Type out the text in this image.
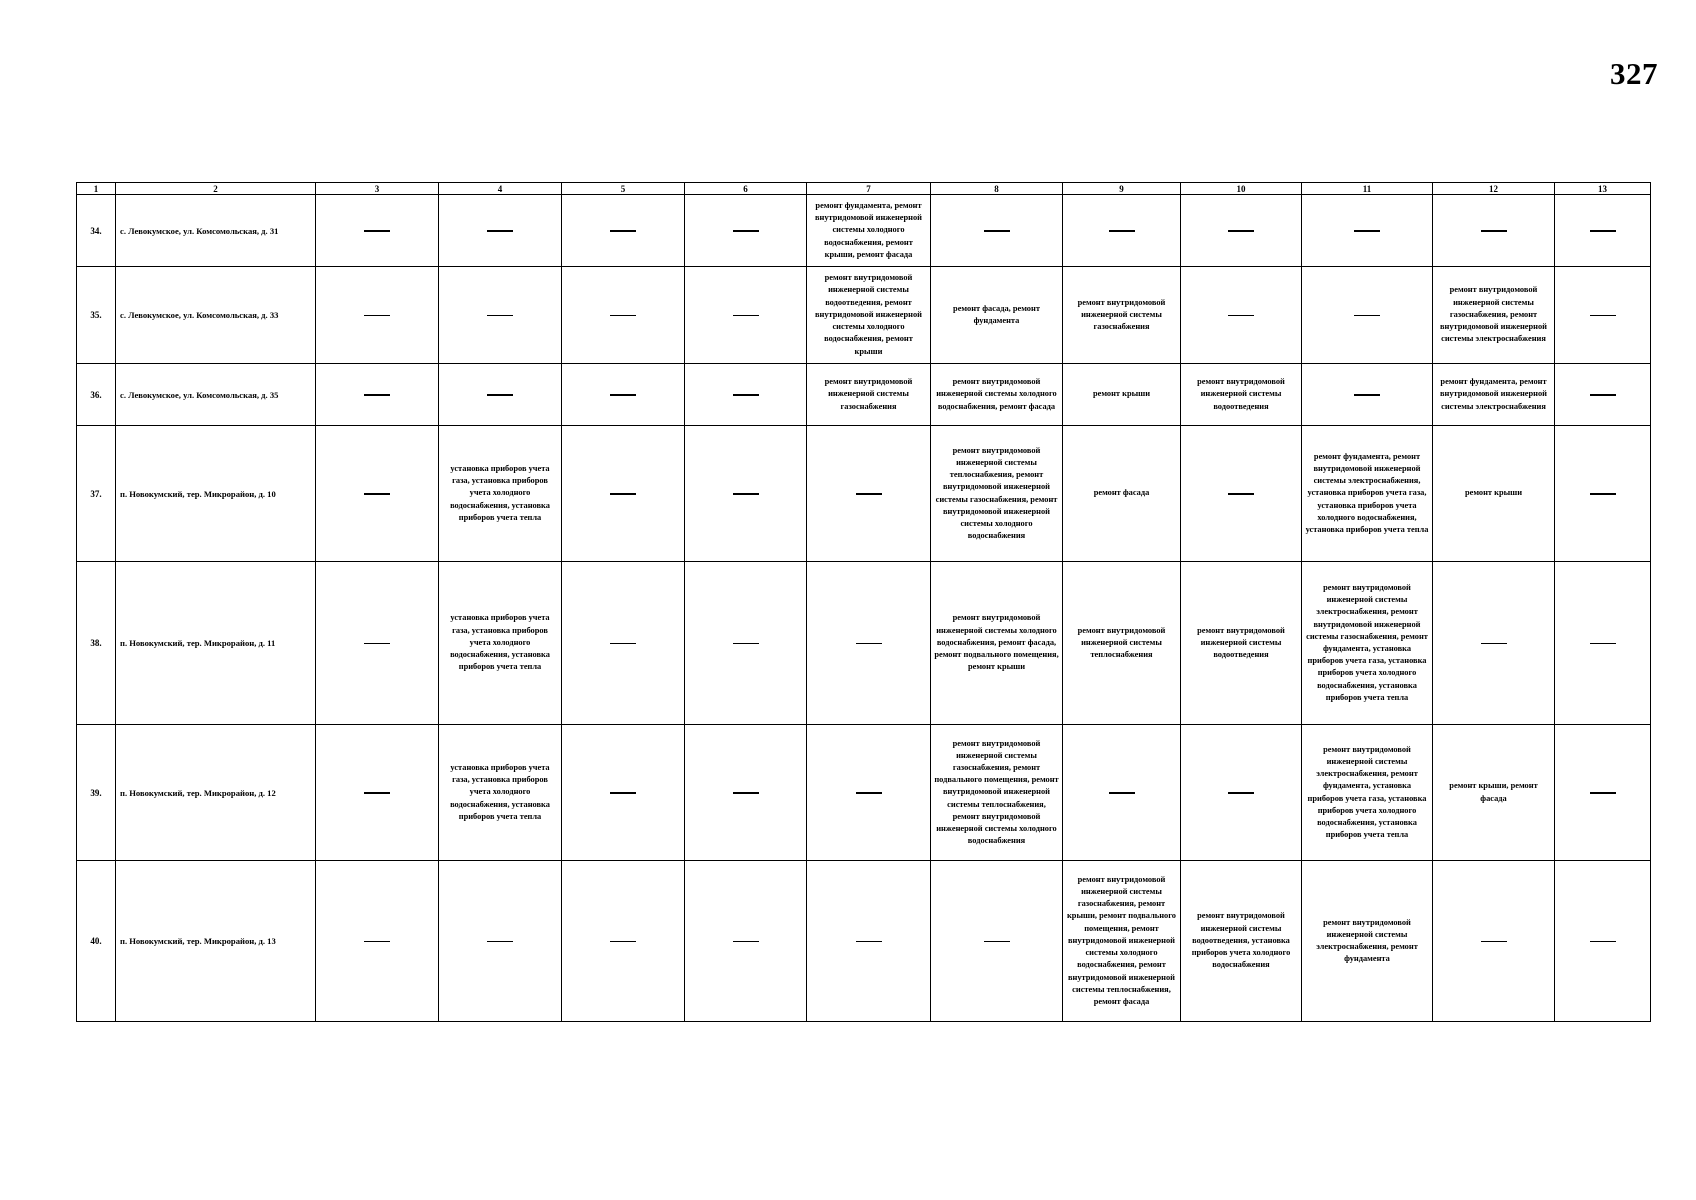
327
1	2	3	4	5	6	7	8	9	10	11	12	13
34.	с. Левокумское, ул. Комсомольская, д. 31					ремонт фундамента, ремонт внутридомовой инженерной системы холодного водоснабжения, ремонт крыши, ремонт фасада						
35.	с. Левокумское, ул. Комсомольская, д. 33					ремонт внутридомовой инженерной системы водоотведения, ремонт внутридомовой инженерной системы холодного водоснабжения, ремонт крыши	ремонт фасада, ремонт фундамента	ремонт внутридомовой инженерной системы газоснабжения			ремонт внутридомовой инженерной системы газоснабжения, ремонт внутридомовой инженерной системы электроснабжения	
36.	с. Левокумское, ул. Комсомольская, д. 35					ремонт внутридомовой инженерной системы газоснабжения	ремонт внутридомовой инженерной системы холодного водоснабжения, ремонт фасада	ремонт крыши	ремонт внутридомовой инженерной системы водоотведения		ремонт фундамента, ремонт внутридомовой инженерной системы электроснабжения	
37.	п. Новокумский, тер. Микрорайон, д. 10		установка приборов учета газа, установка приборов учета холодного водоснабжения, установка приборов учета тепла				ремонт внутридомовой инженерной системы теплоснабжения, ремонт внутридомовой инженерной системы газоснабжения, ремонт внутридомовой инженерной системы холодного водоснабжения	ремонт фасада		ремонт фундамента, ремонт внутридомовой инженерной системы электроснабжения, установка приборов учета газа, установка приборов учета холодного водоснабжения, установка приборов учета тепла	ремонт крыши	
38.	п. Новокумский, тер. Микрорайон, д. 11		установка приборов учета газа, установка приборов учета холодного водоснабжения, установка приборов учета тепла				ремонт внутридомовой инженерной системы холодного водоснабжения, ремонт фасада, ремонт подвального помещения, ремонт крыши	ремонт внутридомовой инженерной системы теплоснабжения	ремонт внутридомовой инженерной системы водоотведения	ремонт внутридомовой инженерной системы электроснабжения, ремонт внутридомовой инженерной системы газоснабжения, ремонт фундамента, установка приборов учета газа, установка приборов учета холодного водоснабжения, установка приборов учета тепла		
39.	п. Новокумский, тер. Микрорайон, д. 12		установка приборов учета газа, установка приборов учета холодного водоснабжения, установка приборов учета тепла				ремонт внутридомовой инженерной системы газоснабжения, ремонт подвального помещения, ремонт внутридомовой инженерной системы теплоснабжения, ремонт внутридомовой инженерной системы холодного водоснабжения			ремонт внутридомовой инженерной системы электроснабжения, ремонт фундамента, установка приборов учета газа, установка приборов учета холодного водоснабжения, установка приборов учета тепла	ремонт крыши, ремонт фасада	
40.	п. Новокумский, тер. Микрорайон, д. 13							ремонт внутридомовой инженерной системы газоснабжения, ремонт крыши, ремонт подвального помещения, ремонт внутридомовой инженерной системы холодного водоснабжения, ремонт внутридомовой инженерной системы теплоснабжения, ремонт фасада	ремонт внутридомовой инженерной системы водоотведения, установка приборов учета холодного водоснабжения	ремонт внутридомовой инженерной системы электроснабжения, ремонт фундамента		
